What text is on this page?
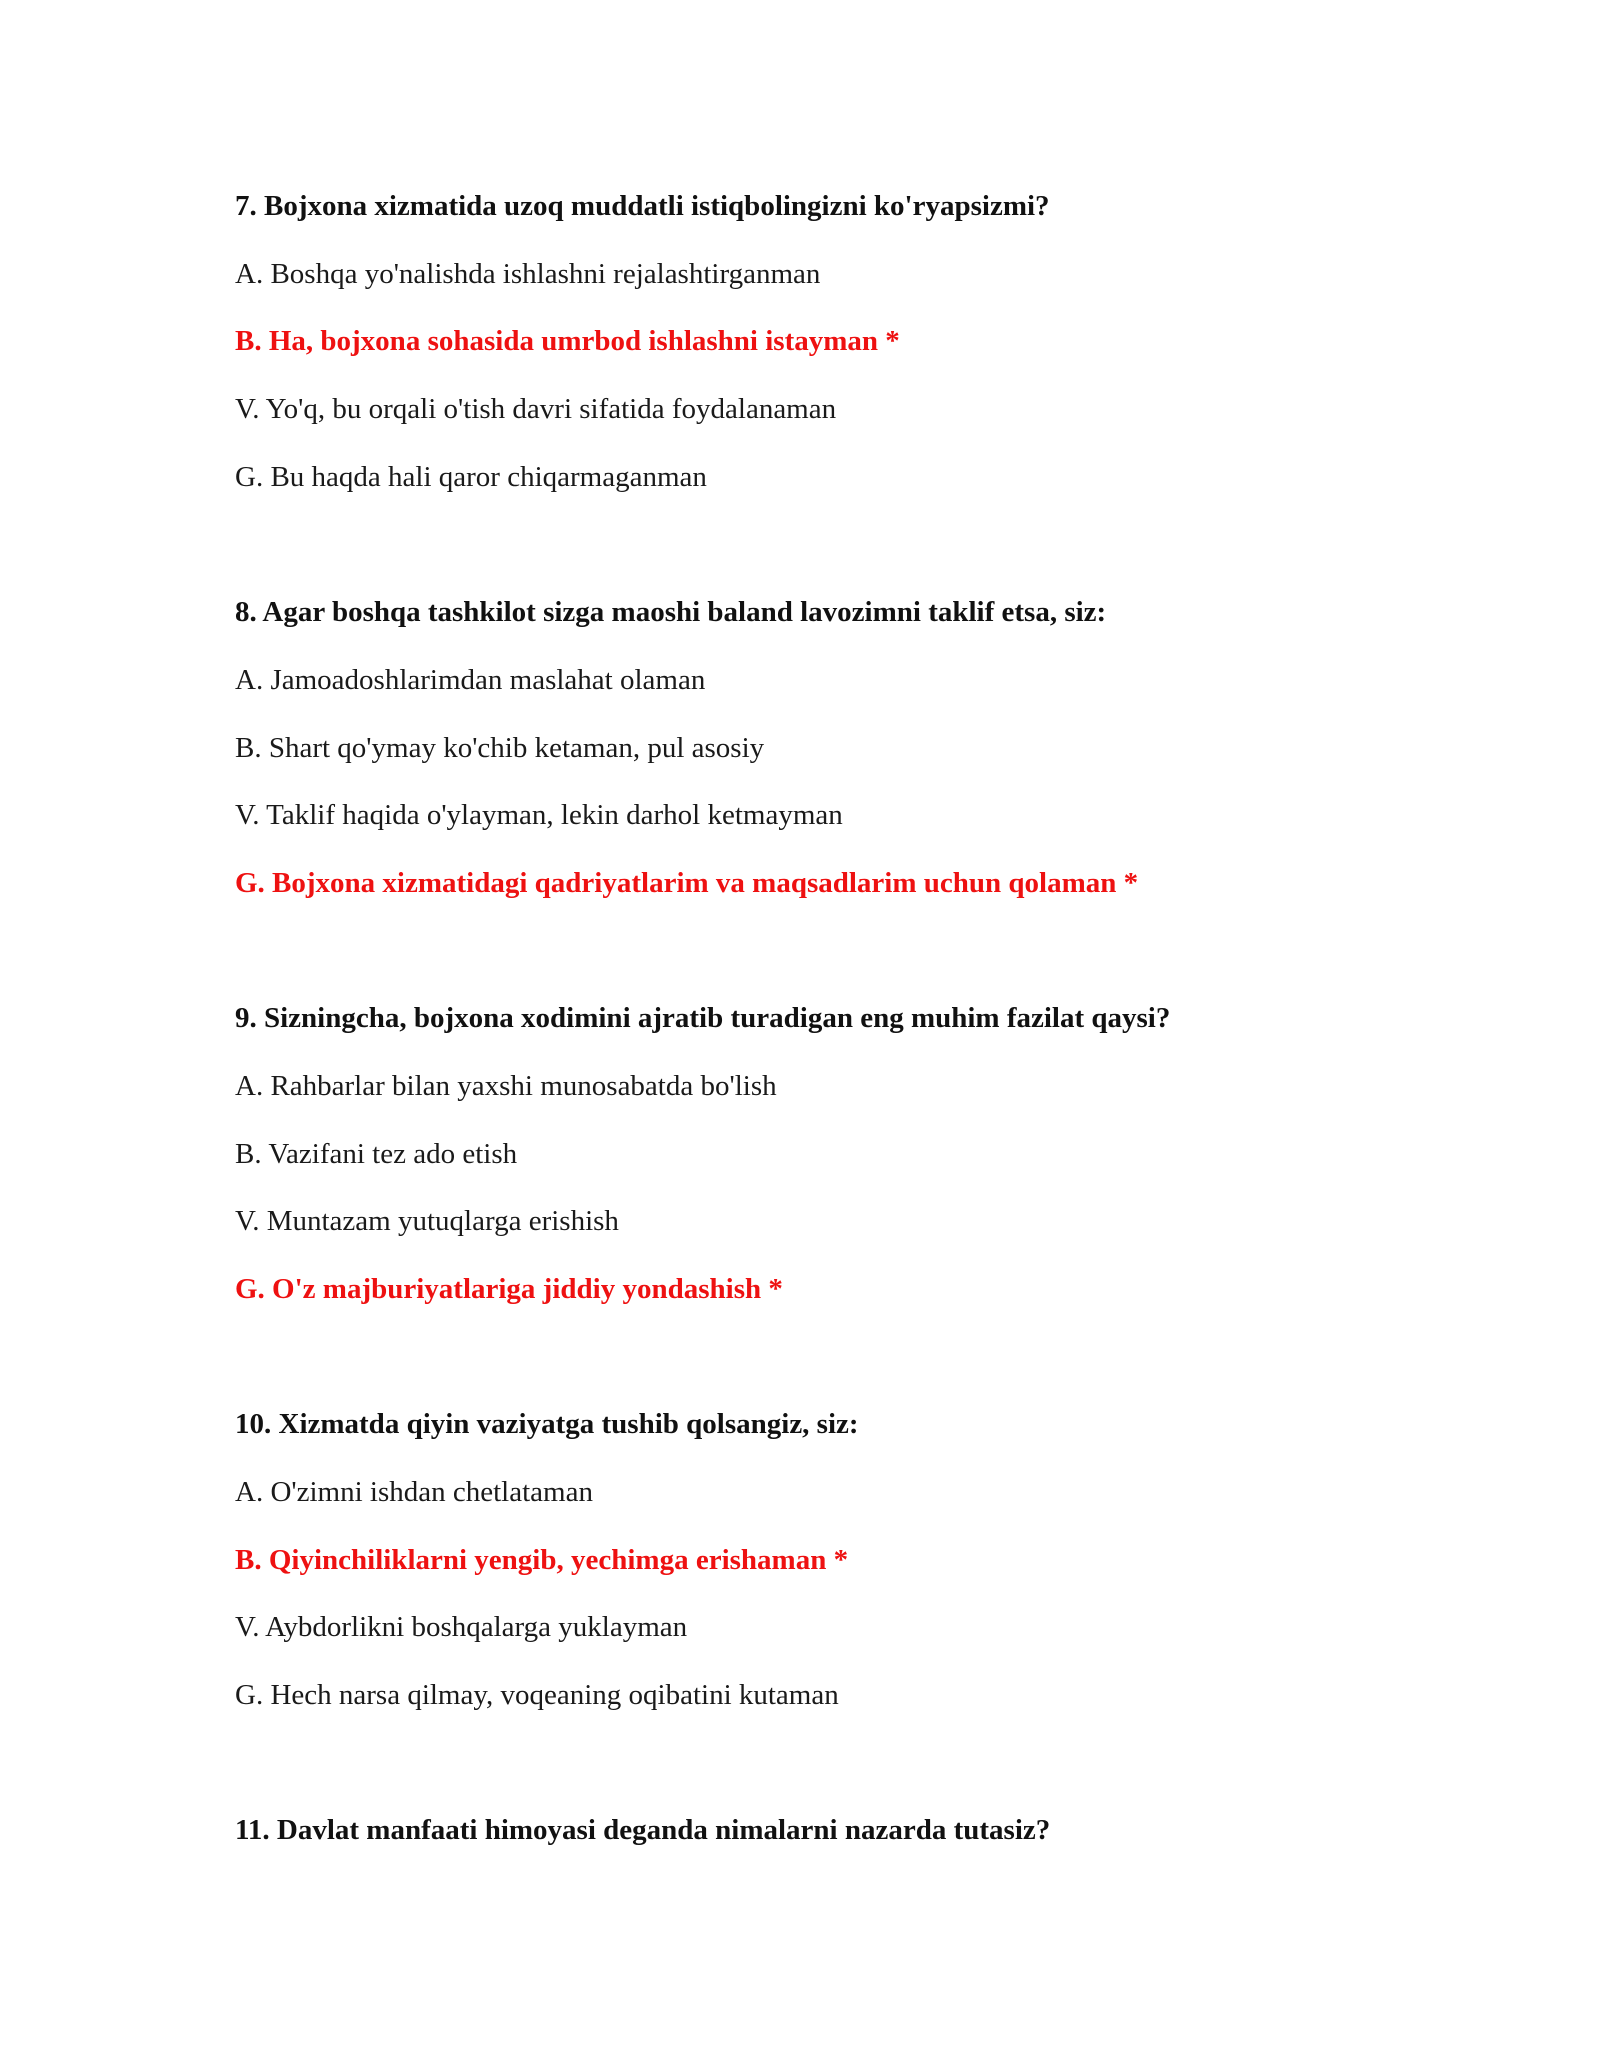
7. Bojxona xizmatida uzoq muddatli istiqbolingizni ko'ryapsizmi?
A. Boshqa yo'nalishda ishlashni rejalashtirganman
B. Ha, bojxona sohasida umrbod ishlashni istayman *
V. Yo'q, bu orqali o'tish davri sifatida foydalanaman
G. Bu haqda hali qaror chiqarmaganman
8. Agar boshqa tashkilot sizga maoshi baland lavozimni taklif etsa, siz:
A. Jamoadoshlarimdan maslahat olaman
B. Shart qo'ymay ko'chib ketaman, pul asosiy
V. Taklif haqida o'ylayman, lekin darhol ketmayman
G. Bojxona xizmatidagi qadriyatlarim va maqsadlarim uchun qolaman *
9. Sizningcha, bojxona xodimini ajratib turadigan eng muhim fazilat qaysi?
A. Rahbarlar bilan yaxshi munosabatda bo'lish
B. Vazifani tez ado etish
V. Muntazam yutuqlarga erishish
G. O'z majburiyatlariga jiddiy yondashish *
10. Xizmatda qiyin vaziyatga tushib qolsangiz, siz:
A. O'zimni ishdan chetlataman
B. Qiyinchiliklarni yengib, yechimga erishaman *
V. Aybdorlikni boshqalarga yuklayman
G. Hech narsa qilmay, voqeaning oqibatini kutaman
11. Davlat manfaati himoyasi deganda nimalarni nazarda tutasiz?
